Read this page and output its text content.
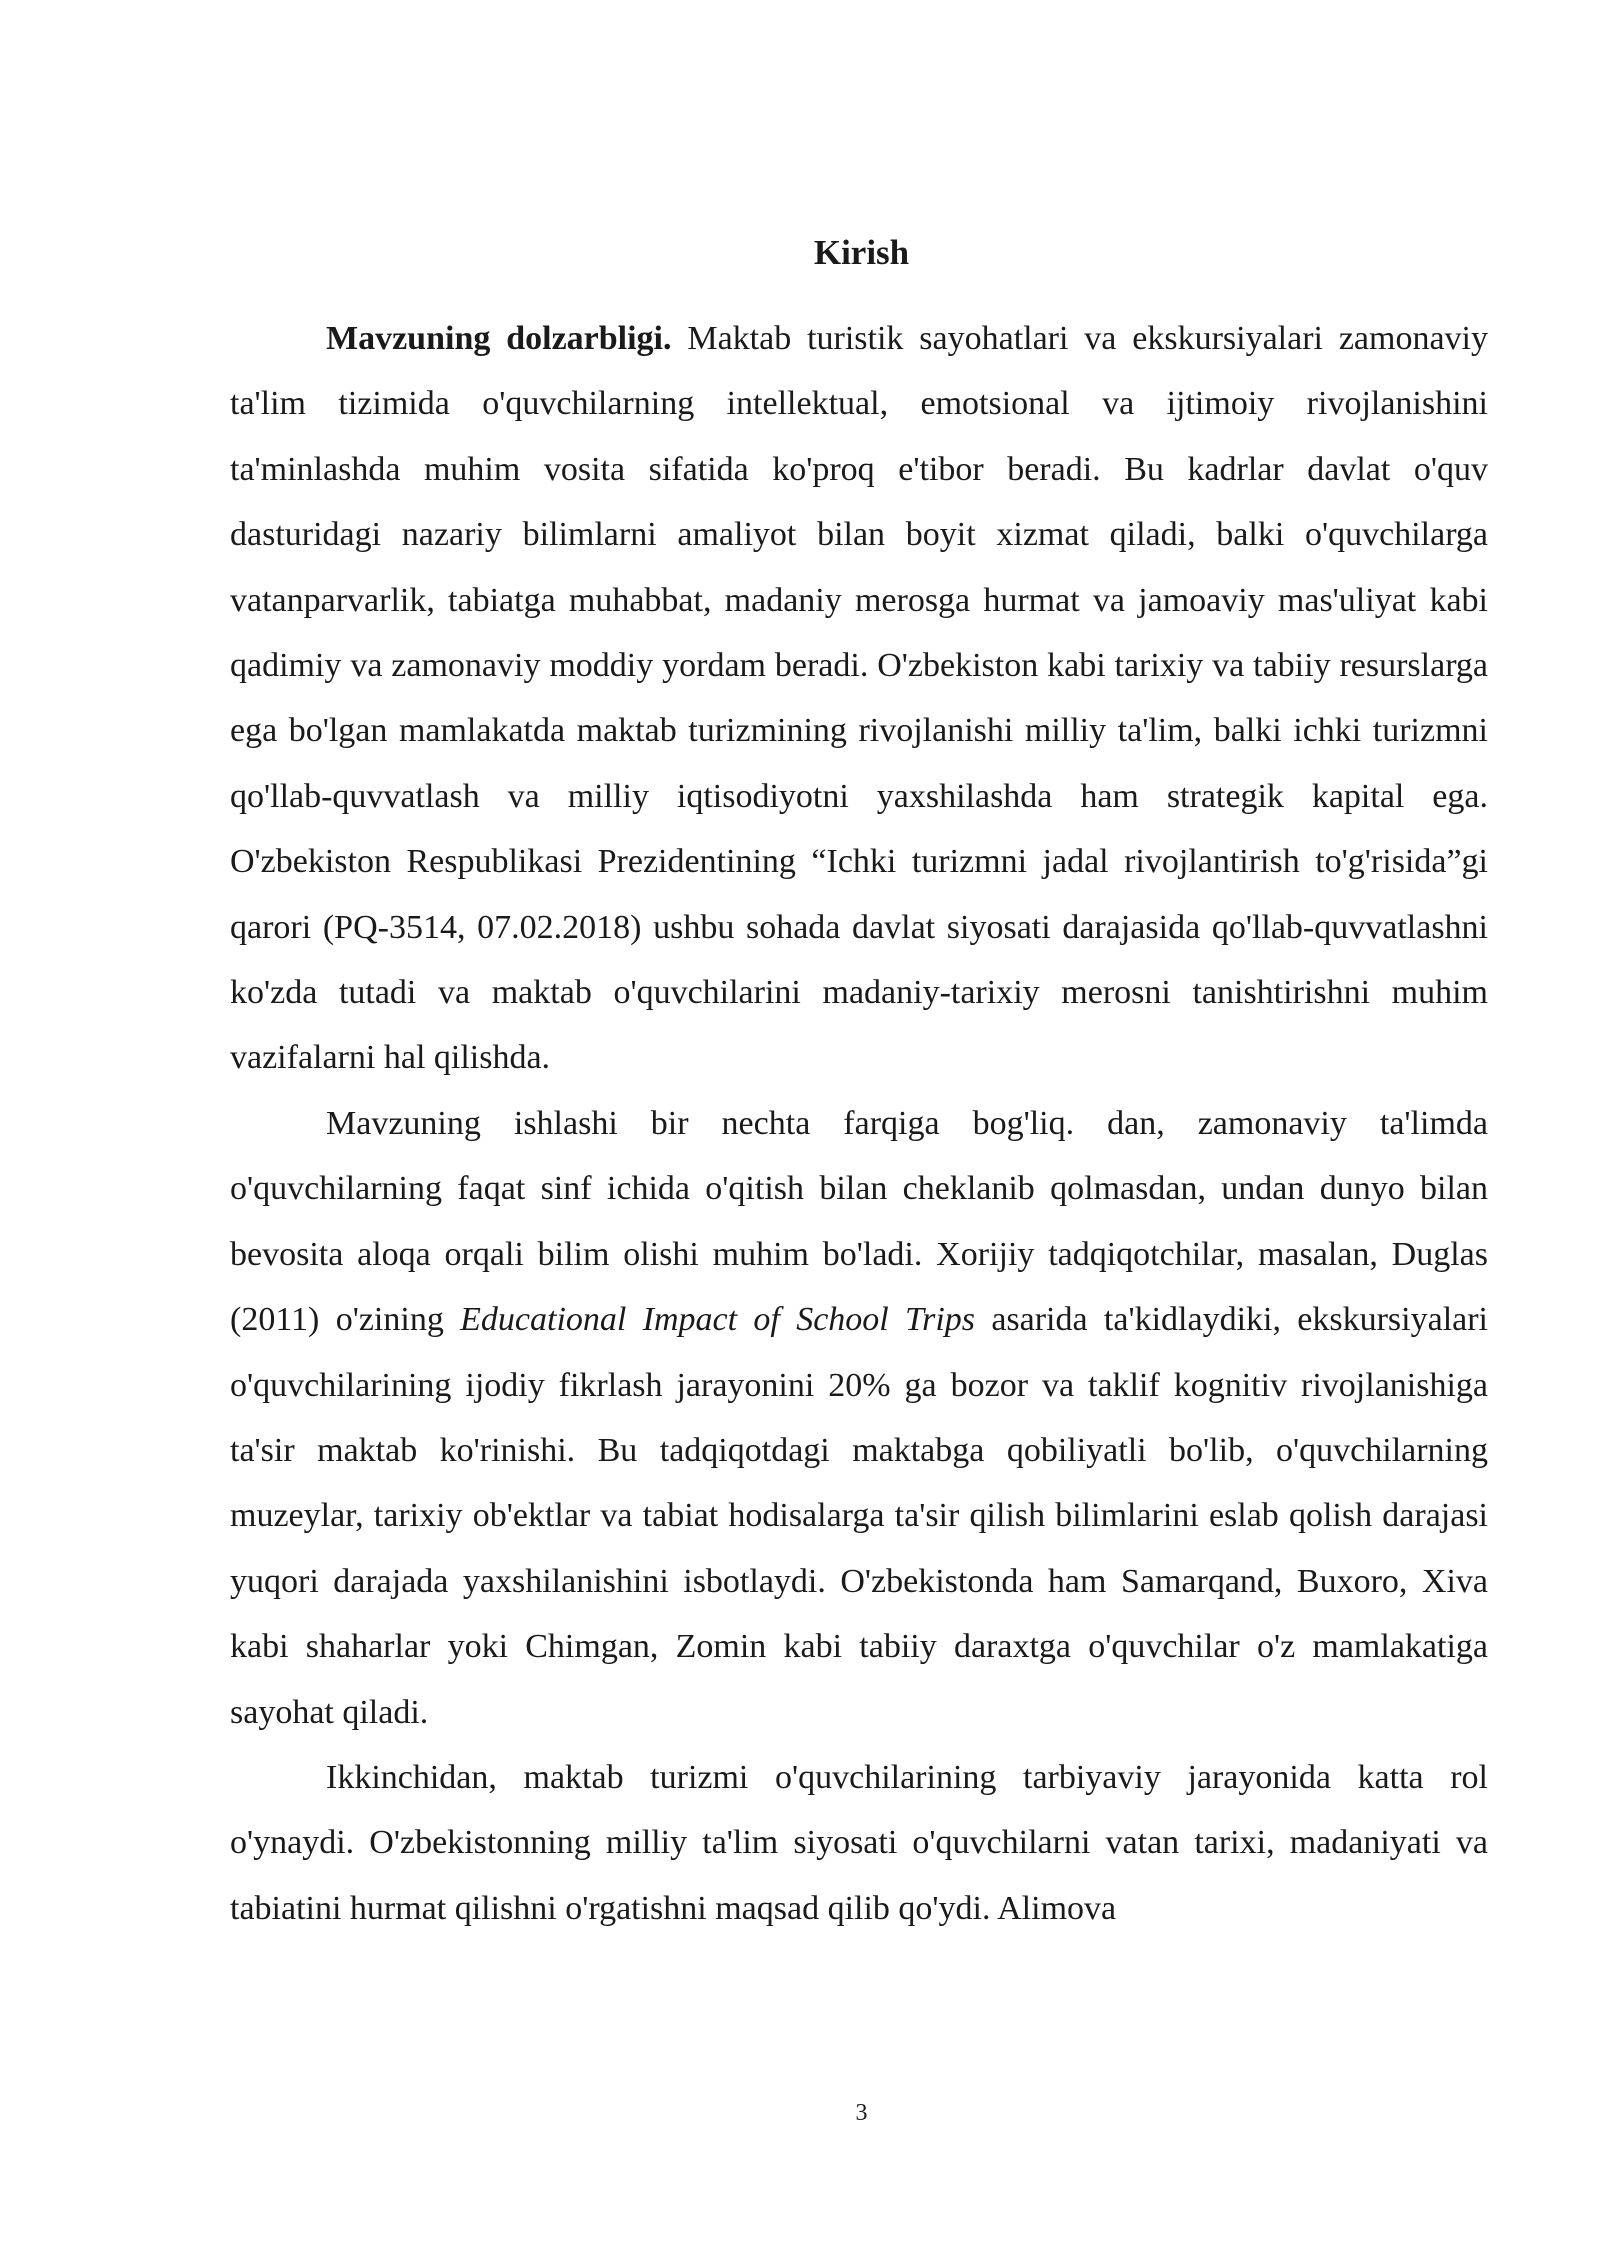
Kirish

Mavzuning dolzarbligi. Maktab turistik sayohatlari va ekskursiyalari zamonaviy ta'lim tizimida o'quvchilarning intellektual, emotsional va ijtimoiy rivojlanishini ta'minlashda muhim vosita sifatida ko'proq e'tibor beradi. Bu kadrlar davlat o'quv dasturidagi nazariy bilimlarni amaliyot bilan boyit xizmat qiladi, balki o'quvchilarga vatanparvarlik, tabiatga muhabbat, madaniy merosga hurmat va jamoaviy mas'uliyat kabi qadimiy va zamonaviy moddiy yordam beradi. O'zbekiston kabi tarixiy va tabiiy resurslarga ega bo'lgan mamlakatda maktab turizmining rivojlanishi milliy ta'lim, balki ichki turizmni qo'llab-quvvatlash va milliy iqtisodiyotni yaxshilashda ham strategik kapital ega. O'zbekiston Respublikasi Prezidentining “Ichki turizmni jadal rivojlantirish to'g'risida”gi qarori (PQ-3514, 07.02.2018) ushbu sohada davlat siyosati darajasida qo'llab-quvvatlashni ko'zda tutadi va maktab o'quvchilarini madaniy-tarixiy merosni tanishtirishni muhim vazifalarni hal qilishda.

Mavzuning ishlashi bir nechta farqiga bog'liq. dan, zamonaviy ta'limda o'quvchilarning faqat sinf ichida o'qitish bilan cheklanib qolmasdan, undan dunyo bilan bevosita aloqa orqali bilim olishi muhim bo'ladi. Xorijiy tadqiqotchilar, masalan, Duglas (2011) o'zining Educational Impact of School Trips asarida ta'kidlaydiki, ekskursiyalari o'quvchilarining ijodiy fikrlash jarayonini 20% ga bozor va taklif kognitiv rivojlanishiga ta'sir maktab ko'rinishi. Bu tadqiqotdagi maktabga qobiliyatli bo'lib, o'quvchilarning muzeylar, tarixiy ob'ektlar va tabiat hodisalarga ta'sir qilish bilimlarini eslab qolish darajasi yuqori darajada yaxshilanishini isbotlaydi. O'zbekistonda ham Samarqand, Buxoro, Xiva kabi shaharlar yoki Chimgan, Zomin kabi tabiiy daraxtga o'quvchilar o'z mamlakatiga sayohat qiladi.

Ikkinchidan, maktab turizmi o'quvchilarining tarbiyaviy jarayonida katta rol o'ynaydi. O'zbekistonning milliy ta'lim siyosati o'quvchilarni vatan tarixi, madaniyati va tabiatini hurmat qilishni o'rgatishni maqsad qilib qo'ydi. Alimova

3
